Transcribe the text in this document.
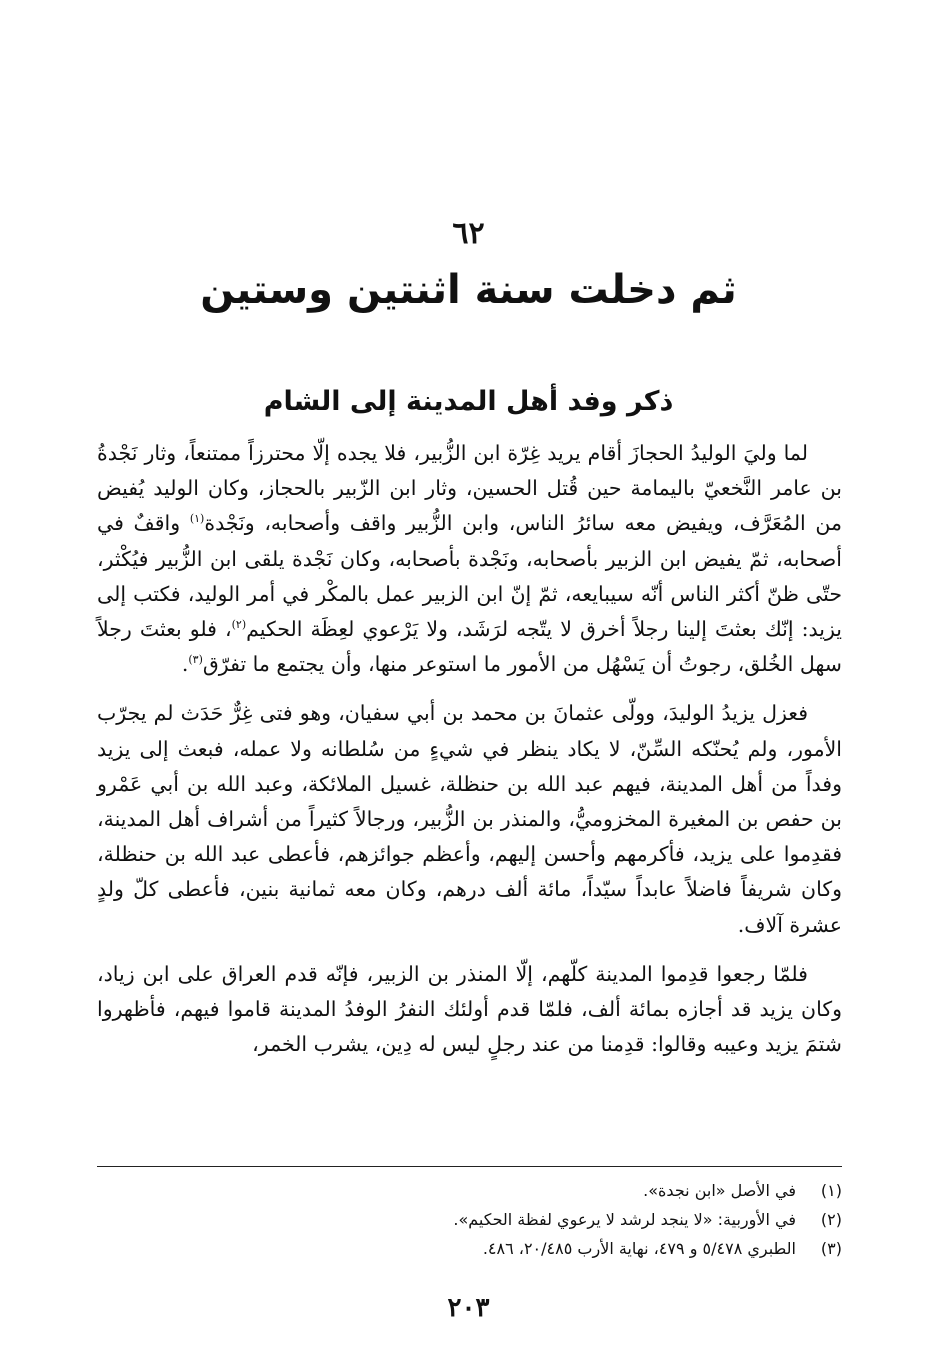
٦٢
ثم دخلت سنة اثنتين وستين
ذكر وفد أهل المدينة إلى الشام

لما وليَ الوليدُ الحجازَ أقام يريد غِرّة ابن الزُّبير، فلا يجده إلّا محترزاً ممتنعاً، وثار نَجْدةُ بن عامر النَّخعيّ باليمامة حين قُتل الحسين، وثار ابن الزّبير بالحجاز، وكان الوليد يُفيض من المُعَرَّف، ويفيض معه سائرُ الناس، وابن الزُّبير واقف وأصحابه، ونَجْدة$^{(١)}$ واقفٌ في أصحابه، ثمّ يفيض ابن الزبير بأصحابه، ونَجْدة بأصحابه، وكان نَجْدة يلقى ابن الزُّبير فيُكْثر، حتّى ظنّ أكثر الناس أنّه سيبايعه، ثمّ إنّ ابن الزبير عمل بالمكْر في أمر الوليد، فكتب إلى يزيد: إنّك بعثتَ إلينا رجلاً أخرق لا يتّجه لرَشَد، ولا يَرْعوي لعِظَة الحكيم$^{(٢)}$، فلو بعثتَ رجلاً سهل الخُلق، رجوتُ أن يَسْهُل من الأمور ما استوعر منها، وأن يجتمع ما تفرّق$^{(٣)}$.

فعزل يزيدُ الوليدَ، وولّى عثمانَ بن محمد بن أبي سفيان، وهو فتى غِرٌّ حَدَث لم يجرّب الأمور، ولم يُحنّكه السِّنّ، لا يكاد ينظر في شيءٍ من سُلطانه ولا عمله، فبعث إلى يزيد وفداً من أهل المدينة، فيهم عبد الله بن حنظلة، غسيل الملائكة، وعبد الله بن أبي عَمْرو بن حفص بن المغيرة المخزوميُّ، والمنذر بن الزُّبير، ورجالاً كثيراً من أشراف أهل المدينة، فقدِموا على يزيد، فأكرمهم وأحسن إليهم، وأعظم جوائزهم، فأعطى عبد الله بن حنظلة، وكان شريفاً فاضلاً عابداً سيّداً، مائة ألف درهم، وكان معه ثمانية بنين، فأعطى كلّ ولدٍ عشرة آلاف.

فلمّا رجعوا قدِموا المدينة كلّهم، إلّا المنذر بن الزبير، فإنّه قدم العراق على ابن زياد، وكان يزيد قد أجازه بمائة ألف، فلمّا قدم أولئك النفرُ الوفدُ المدينة قاموا فيهم، فأظهروا شتمَ يزيد وعيبه وقالوا: قدِمنا من عند رجلٍ ليس له دِين، يشرب الخمر،

(١)
في الأصل «ابن نجدة».
(٢)
في الأوربية: «لا ينجد لرشد لا يرعوي لفظة الحكيم».
(٣)
الطبري ٥/٤٧٨ و ٤٧٩، نهاية الأرب ٢٠/٤٨٥، ٤٨٦.
٢٠٣
